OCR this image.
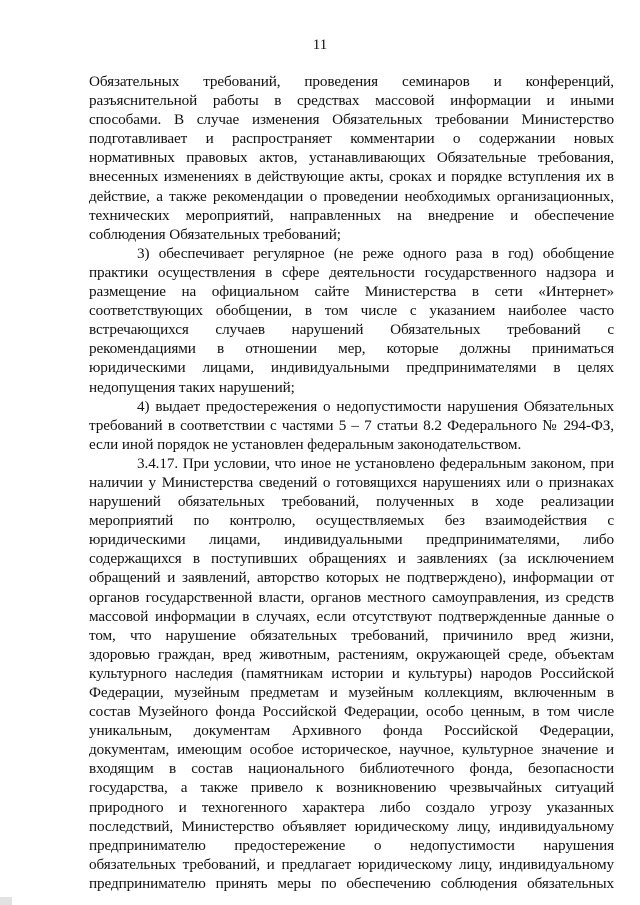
11
Обязательных требований, проведения семинаров и конференций,
разъяснительной работы в средствах массовой информации и иными
способами. В случае изменения Обязательных требовании Министерство
подготавливает и распространяет комментарии о содержании новых
нормативных правовых актов, устанавливающих Обязательные требования,
внесенных изменениях в действующие акты, сроках и порядке вступления их в
действие, а также рекомендации о проведении необходимых организационных,
технических мероприятий, направленных на внедрение и обеспечение
соблюдения Обязательных требований;
3) обеспечивает регулярное (не реже одного раза в год) обобщение
практики осуществления в сфере деятельности государственного надзора и
размещение на официальном сайте Министерства в сети «Интернет»
соответствующих обобщении, в том числе с указанием наиболее часто
встречающихся случаев нарушений Обязательных требований с
рекомендациями в отношении мер, которые должны приниматься
юридическими лицами, индивидуальными предпринимателями в целях
недопущения таких нарушений;
4) выдает предостережения о недопустимости нарушения Обязательных
требований в соответствии с частями 5 – 7 статьи 8.2 Федерального № 294-ФЗ,
если иной порядок не установлен федеральным законодательством.
3.4.17. При условии, что иное не установлено федеральным законом, при
наличии у Министерства сведений о готовящихся нарушениях или о признаках
нарушений обязательных требований, полученных в ходе реализации
мероприятий по контролю, осуществляемых без взаимодействия с
юридическими лицами, индивидуальными предпринимателями, либо
содержащихся в поступивших обращениях и заявлениях (за исключением
обращений и заявлений, авторство которых не подтверждено), информации от
органов государственной власти, органов местного самоуправления, из средств
массовой информации в случаях, если отсутствуют подтвержденные данные о
том, что нарушение обязательных требований, причинило вред жизни,
здоровью граждан, вред животным, растениям, окружающей среде, объектам
культурного наследия (памятникам истории и культуры) народов Российской
Федерации, музейным предметам и музейным коллекциям, включенным в
состав Музейного фонда Российской Федерации, особо ценным, в том числе
уникальным, документам Архивного фонда Российской Федерации,
документам, имеющим особое историческое, научное, культурное значение и
входящим в состав национального библиотечного фонда, безопасности
государства, а также привело к возникновению чрезвычайных ситуаций
природного и техногенного характера либо создало угрозу указанных
последствий, Министерство объявляет юридическому лицу, индивидуальному
предпринимателю предостережение о недопустимости нарушения
обязательных требований, и предлагает юридическому лицу, индивидуальному
предпринимателю принять меры по обеспечению соблюдения обязательных
